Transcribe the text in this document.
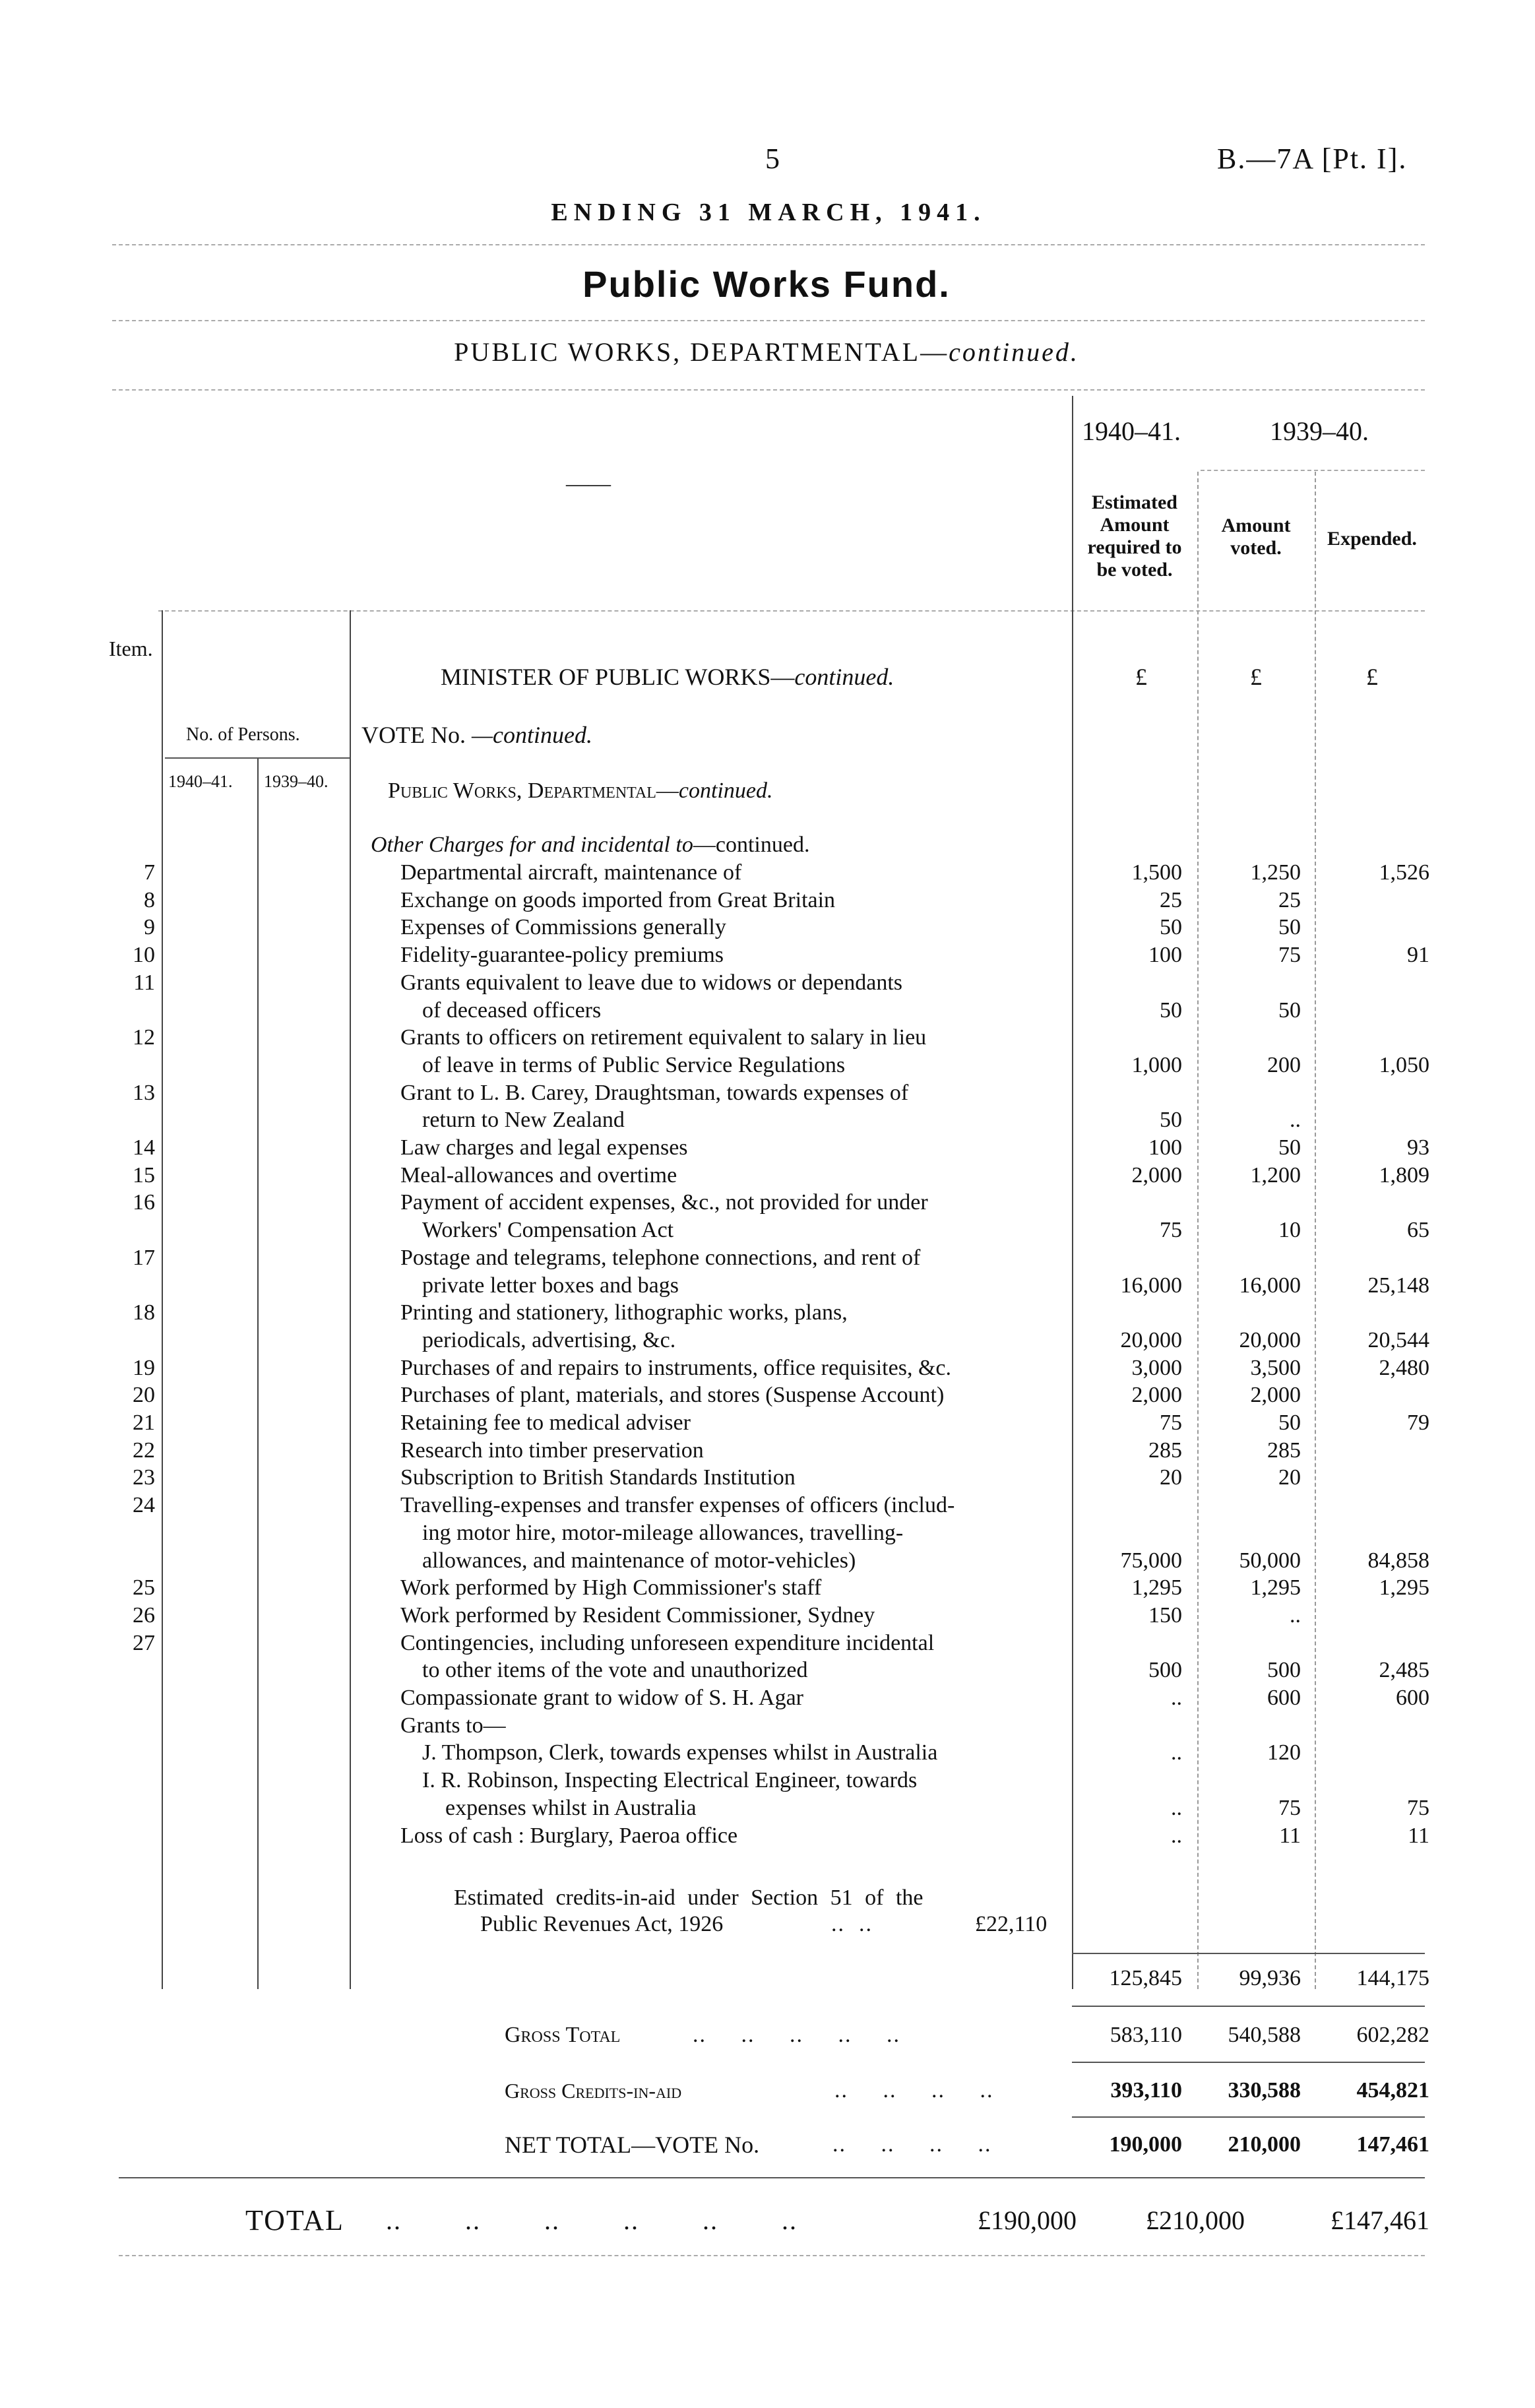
5	B.—7A [Pt. I].
ENDING 31 MARCH, 1941.
Public Works Fund.
PUBLIC WORKS, DEPARTMENTAL—continued.
1940–41.	1939–40.
——
Estimated
Amount
required to
be voted.
Amount
voted.	Expended.
Item.
No. of Persons.
1940–41. 1939–40.
MINISTER OF PUBLIC WORKS—continued.	£	£	£
VOTE No. —continued.
Public Works, Departmental—continued.
Other Charges for and incidental to—continued.
7	Departmental aircraft, maintenance of	1,500	1,250	1,526
8	Exchange on goods imported from Great Britain	25	25
9	Expenses of Commissions generally	50	50
10	Fidelity-guarantee-policy premiums	100	75	91
11	Grants equivalent to leave due to widows or dependants
of deceased officers	50	50
12	Grants to officers on retirement equivalent to salary in lieu
of leave in terms of Public Service Regulations	1,000	200	1,050
13	Grant to L. B. Carey, Draughtsman, towards expenses of
return to New Zealand	50	..
14	Law charges and legal expenses	100	50	93
15	Meal-allowances and overtime	2,000	1,200	1,809
16	Payment of accident expenses, &c., not provided for under
Workers' Compensation Act	75	10	65
17	Postage and telegrams, telephone connections, and rent of
private letter boxes and bags	16,000	16,000	25,148
18	Printing and stationery, lithographic works, plans,
periodicals, advertising, &c.	20,000	20,000	20,544
19	Purchases of and repairs to instruments, office requisites, &c.	3,000	3,500	2,480
20	Purchases of plant, materials, and stores (Suspense Account)	2,000	2,000
21	Retaining fee to medical adviser	75	50	79
22	Research into timber preservation	285	285
23	Subscription to British Standards Institution	20	20
24	Travelling-expenses and transfer expenses of officers (includ-
ing motor hire, motor-mileage allowances, travelling-
allowances, and maintenance of motor-vehicles)	75,000	50,000	84,858
25	Work performed by High Commissioner's staff	1,295	1,295	1,295
26	Work performed by Resident Commissioner, Sydney	150	..
27	Contingencies, including unforeseen expenditure incidental
to other items of the vote and unauthorized	500	500	2,485
Compassionate grant to widow of S. H. Agar	..	600	600
Grants to—
J. Thompson, Clerk, towards expenses whilst in Australia	..	120
I. R. Robinson, Inspecting Electrical Engineer, towards
expenses whilst in Australia	..	75	75
Loss of cash : Burglary, Paeroa office	..	11	11
Estimated credits-in-aid under Section 51 of the
Public Revenues Act, 1926	..  ..	£22,110
125,845	99,936	144,175
Gross Total	..     ..     ..     ..     ..	583,110	540,588	602,282
Gross Credits-in-aid	..     ..     ..     ..	393,110	330,588	454,821
NET TOTAL—VOTE No.	..     ..     ..     ..	190,000	210,000	147,461
TOTAL ..        ..        ..        ..        ..        ..	£190,000	£210,000	£147,461
